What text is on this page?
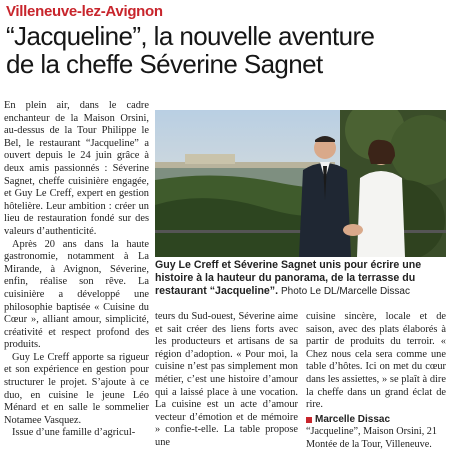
Villeneuve-lez-Avignon
“Jacqueline”, la nouvelle aventure
de la cheffe Séverine Sagnet

En plein air, dans le cadre enchanteur de la Maison Orsini, au-dessus de la Tour Philippe le Bel, le restaurant “Jacqueline” a ouvert depuis le 24 juin grâce à deux amis passionnés : Séverine Sagnet, cheffe cuisinière engagée, et Guy Le Creff, expert en gestion hôtelière. Leur ambition : créer un lieu de restauration fondé sur des valeurs d’authenticité.

Après 20 ans dans la haute gastronomie, notamment à La Mirande, à Avignon, Séverine, enfin, réalise son rêve. La cuisinière a développé une philosophie baptisée « Cuisine du Cœur », alliant amour, simplicité, créativité et respect profond des produits.

Guy Le Creff apporte sa rigueur et son expérience en gestion pour structurer le projet. S’ajoute à ce duo, en cuisine le jeune Léo Ménard et en salle le sommelier Notamee Vasquez.

Issue d’une famille d’agricul-

Guy Le Creff et Séverine Sagnet unis pour écrire une histoire à la hauteur du panorama, de la terrasse du restaurant “Jacqueline”. Photo Le DL/Marcelle Dissac

teurs du Sud-ouest, Séverine aime et sait créer des liens forts avec les producteurs et artisans de sa région d’adoption. « Pour moi, la cuisine n’est pas simplement mon métier, c’est une histoire d’amour qui a laissé place à une vocation. La cuisine est un acte d’amour vecteur d’émotion et de mémoire » confie-t-elle. La table propose une

cuisine sincère, locale et de saison, avec des plats élaborés à partir de produits du terroir. « Chez nous cela sera comme une table d’hôtes. Ici on met du cœur dans les assiettes, » se plaît à dire la cheffe dans un grand éclat de rire.

Marcelle Dissac

“Jacqueline”, Maison Orsini, 21 Montée de la Tour, Villeneuve.
